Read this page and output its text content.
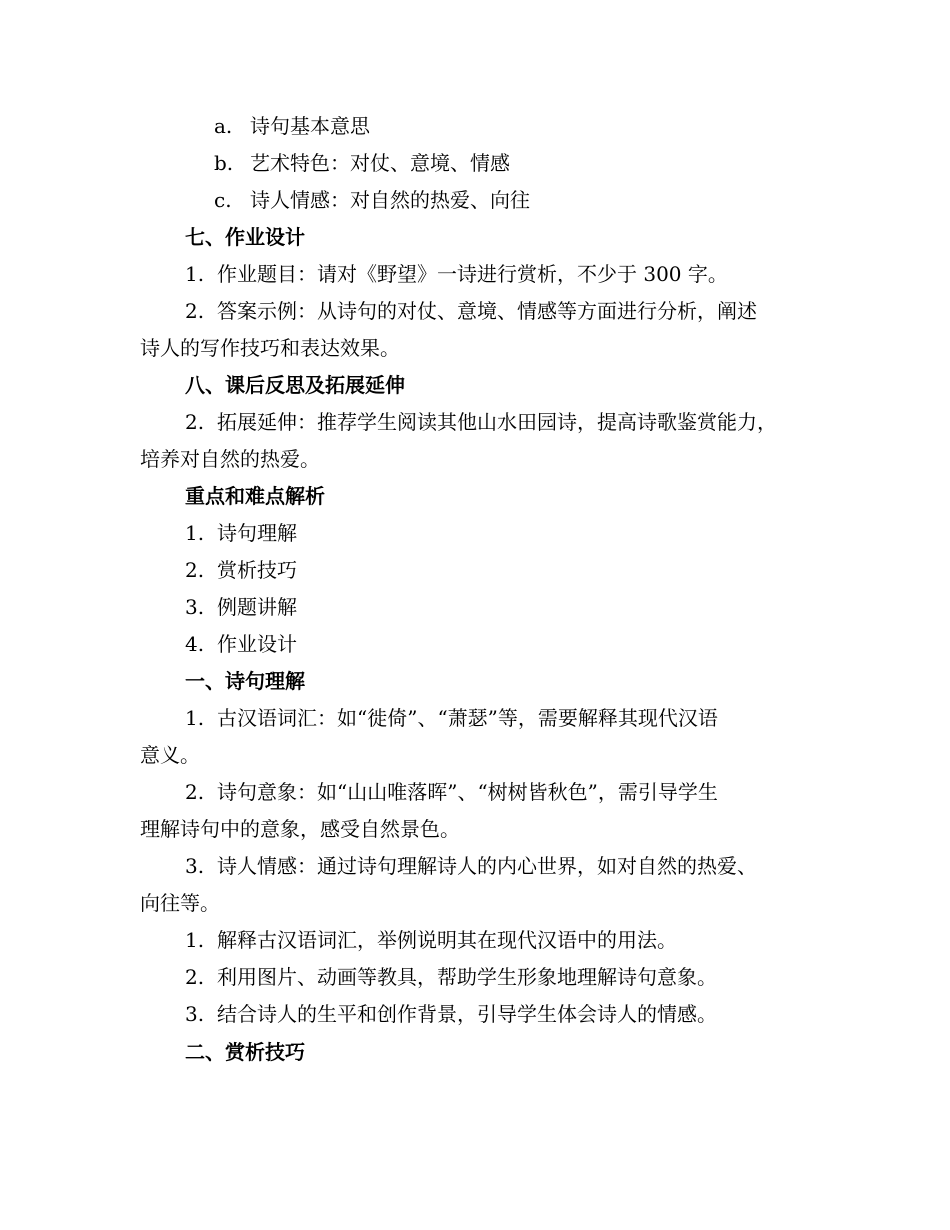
a. 诗句基本意思
b. 艺术特色：对仗、意境、情感
c. 诗人情感：对自然的热爱、向往
七、作业设计
1. 作业题目：请对《野望》一诗进行赏析，不少于 300 字。
2. 答案示例：从诗句的对仗、意境、情感等方面进行分析，阐述
诗人的写作技巧和表达效果。
八、课后反思及拓展延伸
2. 拓展延伸：推荐学生阅读其他山水田园诗，提高诗歌鉴赏能力，
培养对自然的热爱。
重点和难点解析
1. 诗句理解
2. 赏析技巧
3. 例题讲解
4. 作业设计
一、诗句理解
1. 古汉语词汇：如“徙倚”、“萧瑟”等，需要解释其现代汉语
意义。
2. 诗句意象：如“山山唯落晖”、“树树皆秋色”，需引导学生
理解诗句中的意象，感受自然景色。
3. 诗人情感：通过诗句理解诗人的内心世界，如对自然的热爱、
向往等。
1. 解释古汉语词汇，举例说明其在现代汉语中的用法。
2. 利用图片、动画等教具，帮助学生形象地理解诗句意象。
3. 结合诗人的生平和创作背景，引导学生体会诗人的情感。
二、赏析技巧
